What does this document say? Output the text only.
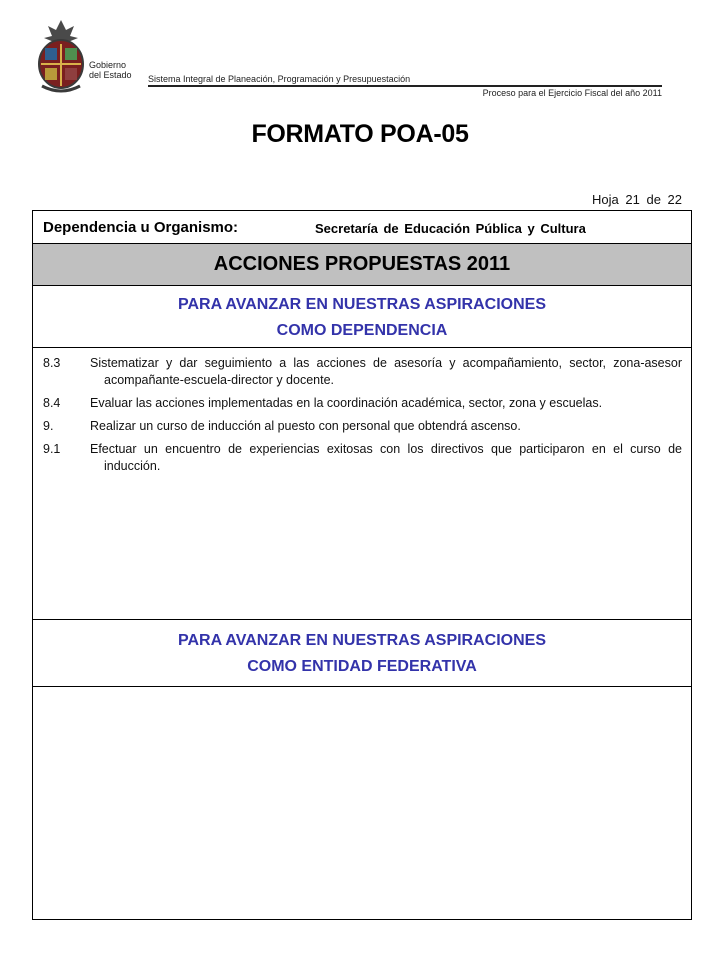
Gobierno
del Estado Sistema Integral de Planeación, Programación y Presupuestación
Proceso para el Ejercicio Fiscal del año 2011
FORMATO POA-05
Hoja 21 de 22
Dependencia u Organismo:	Secretaría de Educación Pública y Cultura
ACCIONES PROPUESTAS 2011
PARA AVANZAR EN NUESTRAS ASPIRACIONES
COMO DEPENDENCIA
8.3 Sistematizar y dar seguimiento a las acciones de asesoría y acompañamiento, sector, zona-asesor acompañante-escuela-director y docente.
8.4 Evaluar las acciones implementadas en la coordinación académica, sector, zona y escuelas.
9.	Realizar un curso de inducción al puesto con personal que obtendrá ascenso.
9.1 Efectuar un encuentro de experiencias exitosas con los directivos que participaron en el curso de inducción.
PARA AVANZAR EN NUESTRAS ASPIRACIONES
COMO ENTIDAD FEDERATIVA
